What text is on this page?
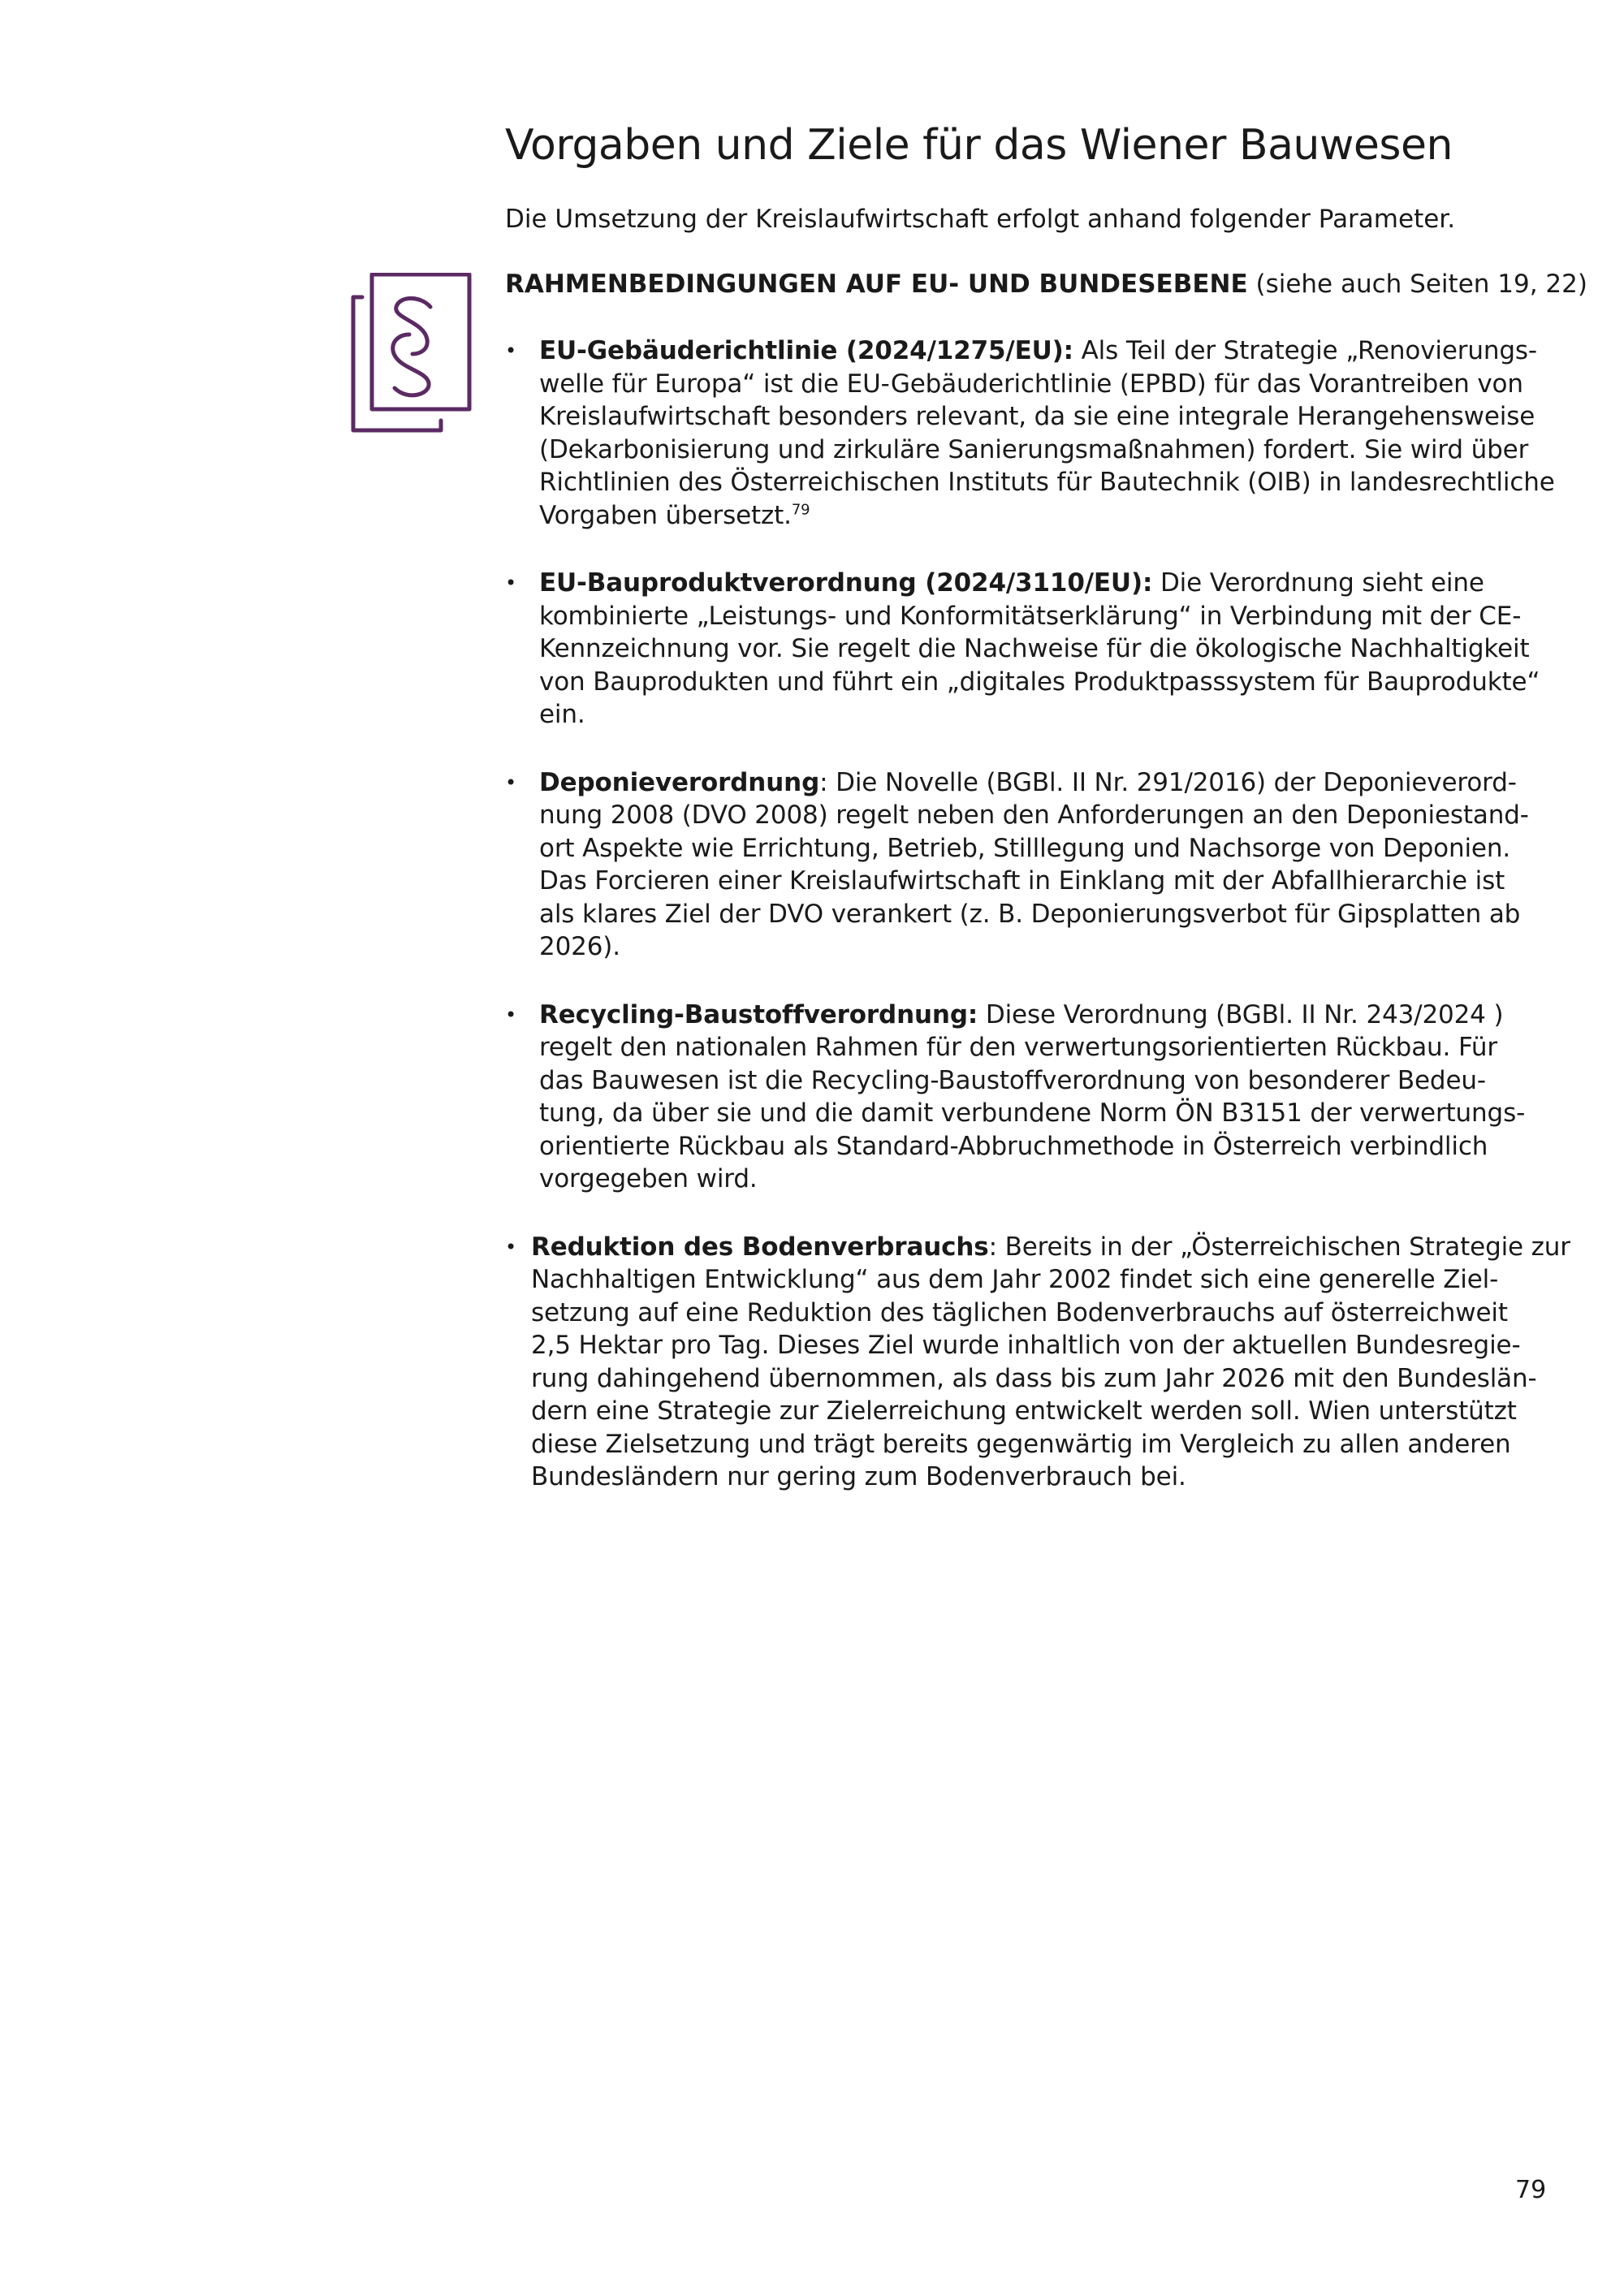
Vorgaben und Ziele für das Wiener Bauwesen

Die Umsetzung der Kreislaufwirtschaft erfolgt anhand folgender Parameter.

RAHMENBEDINGUNGEN AUF EU- UND BUNDESEBENE (siehe auch Seiten 19, 22)

• EU-Gebäuderichtlinie (2024/1275/EU): Als Teil der Strategie „Renovierungs-
welle für Europa“ ist die EU-Gebäuderichtlinie (EPBD) für das Vorantreiben von
Kreislaufwirtschaft besonders relevant, da sie eine integrale Herangehensweise
(Dekarbonisierung und zirkuläre Sanierungsmaßnahmen) fordert. Sie wird über
Richtlinien des Österreichischen Instituts für Bautechnik (OIB) in landesrechtliche
Vorgaben übersetzt.$^{79}$
• EU-Bauproduktverordnung (2024/3110/EU): Die Verordnung sieht eine
kombinierte „Leistungs- und Konformitätserklärung“ in Verbindung mit der CE-
Kennzeichnung vor. Sie regelt die Nachweise für die ökologische Nachhaltigkeit
von Bauprodukten und führt ein „digitales Produktpasssystem für Bauprodukte“
ein.
• Deponieverordnung: Die Novelle (BGBl. II Nr. 291/2016) der Deponieverord-
nung 2008 (DVO 2008) regelt neben den Anforderungen an den Deponiestand-
ort Aspekte wie Errichtung, Betrieb, Stilllegung und Nachsorge von Deponien.
Das Forcieren einer Kreislaufwirtschaft in Einklang mit der Abfallhierarchie ist
als klares Ziel der DVO verankert (z. B. Deponierungsverbot für Gipsplatten ab
2026).
• Recycling-Baustoffverordnung: Diese Verordnung (BGBl. II Nr. 243/2024 )
regelt den nationalen Rahmen für den verwertungsorientierten Rückbau. Für
das Bauwesen ist die Recycling-Baustoffverordnung von besonderer Bedeu-
tung, da über sie und die damit verbundene Norm ÖN B3151 der verwertungs-
orientierte Rückbau als Standard-Abbruchmethode in Österreich verbindlich
vorgegeben wird.
• Reduktion des Bodenverbrauchs: Bereits in der „Österreichischen Strategie zur
Nachhaltigen Entwicklung“ aus dem Jahr 2002 findet sich eine generelle Ziel-
setzung auf eine Reduktion des täglichen Bodenverbrauchs auf österreichweit
2,5 Hektar pro Tag. Dieses Ziel wurde inhaltlich von der aktuellen Bundesregie-
rung dahingehend übernommen, als dass bis zum Jahr 2026 mit den Bundeslän-
dern eine Strategie zur Zielerreichung entwickelt werden soll. Wien unterstützt
diese Zielsetzung und trägt bereits gegenwärtig im Vergleich zu allen anderen
Bundesländern nur gering zum Bodenverbrauch bei.
79
